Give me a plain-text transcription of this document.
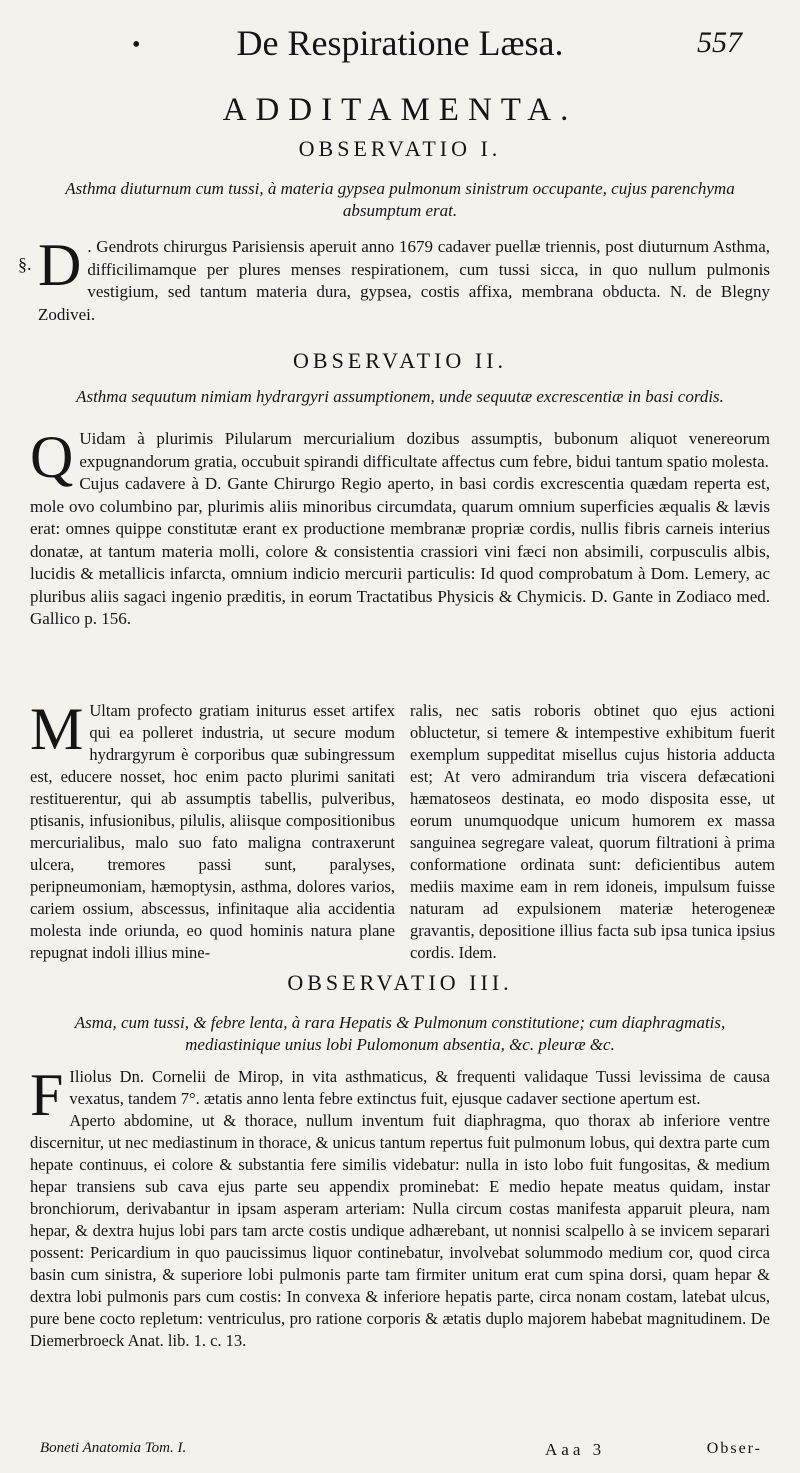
•	De Respiratione Læsa.	557
ADDITAMENTA.
OBSERVATIO I.
Asthma diuturnum cum tussi, à materia gypsea pulmonum sinistrum occupante, cujus parenchyma absumptum erat.
§. D . Gendrots chirurgus Parisiensis aperuit anno 1679 cadaver puellæ triennis, post diuturnum Asthma, difficilimamque per plures menses respirationem, cum tussi sicca, in quo nullum pulmonis vestigium, sed tantum materia dura, gypsea, costis affixa, membrana obducta. N. de Blegny Zodivei.
OBSERVATIO II.
Asthma sequutum nimiam hydrargyri assumptionem, unde sequutæ excrescentiæ in basi cordis.
Q Uidam à plurimis Pilularum mercurialium dozibus assumptis, bubonum aliquot venereorum expugnandorum gratia, occubuit spirandi difficultate affectus cum febre, bidui tantum spatio molesta.
Cujus cadavere à D. Gante Chirurgo Regio aperto, in basi cordis excrescentia quædam reperta est, mole ovo columbino par, plurimis aliis minoribus circumdata, quarum omnium superficies æqualis & lævis erat: omnes quippe constitutæ erant ex productione membranæ propriæ cordis, nullis fibris carneis interius donatæ, at tantum materia molli, colore & consistentia crassiori vini fæci non absimili, corpusculis albis, lucidis & metallicis infarcta, omnium indicio mercurii particulis: Id quod comprobatum à Dom. Lemery, ac pluribus aliis sagaci ingenio præditis, in eorum Tractatibus Physicis & Chymicis. D. Gante in Zodiaco med. Gallico p. 156.
M Ultam profecto gratiam initurus esset artifex qui ea polleret industria, ut secure modum hydrargyrum è corporibus quæ subingressum est, educere nosset, hoc enim pacto plurimi sanitati restituerentur, qui ab assumptis tabellis, pulveribus, ptisanis, infusionibus, pilulis, aliisque compositionibus mercurialibus, malo suo fato maligna contraxerunt ulcera, tremores passi sunt, paralyses, peripneumoniam, hæmoptysin, asthma, dolores varios, cariem ossium, abscessus, infinitaque alia accidentia molesta inde oriunda, eo quod hominis natura plane repugnat indoli illius mine-
ralis, nec satis roboris obtinet quo ejus actioni obluctetur, si temere & intempestive exhibitum fuerit exemplum suppeditat misellus cujus historia adducta est; At vero admirandum tria viscera defæcationi hæmatoseos destinata, eo modo disposita esse, ut eorum unumquodque unicum humorem ex massa sanguinea segregare valeat, quorum filtrationi à prima conformatione ordinata sunt: deficientibus autem mediis maxime eam in rem idoneis, impulsum fuisse naturam ad expulsionem materiæ heterogeneæ gravantis, depositione illius facta sub ipsa tunica ipsius cordis. Idem.
OBSERVATIO III.
Asma, cum tussi, & febre lenta, à rara Hepatis & Pulmonum constitutione; cum diaphragmatis, mediastinique unius lobi Pulomonum absentia, &c. pleuræ &c.
F Iliolus Dn. Cornelii de Mirop, in vita asthmaticus, & frequenti validaque Tussi levissima de causa vexatus, tandem 7°. ætatis anno lenta febre extinctus fuit, ejusque cadaver sectione apertum est.
Aperto abdomine, ut & thorace, nullum inventum fuit diaphragma, quo thorax ab inferiore ventre discernitur, ut nec mediastinum in thorace, & unicus tantum repertus fuit pulmonum lobus, qui dextra parte cum hepate continuus, ei colore & substantia fere similis videbatur: nulla in isto lobo fuit fungositas, & medium hepar transiens sub cava ejus parte seu appendix prominebat: E medio hepate meatus quidam, instar bronchiorum, derivabantur in ipsam asperam arteriam: Nulla circum costas manifesta apparuit pleura, nam hepar, & dextra hujus lobi pars tam arcte costis undique adhærebant, ut nonnisi scalpello à se invicem separari possent: Pericardium in quo paucissimus liquor continebatur, involvebat solummodo medium cor, quod circa basin cum sinistra, & superiore lobi pulmonis parte tam firmiter unitum erat cum spina dorsi, quam hepar & dextra lobi pulmonis pars cum costis: In convexa & inferiore hepatis parte, circa nonam costam, latebat ulcus, pure bene cocto repletum: ventriculus, pro ratione corporis & ætatis duplo majorem habebat magnitudinem. De Diemerbroeck Anat. lib. 1. c. 13.
Boneti Anatomia Tom. I.	Aaa 3	Obser-
